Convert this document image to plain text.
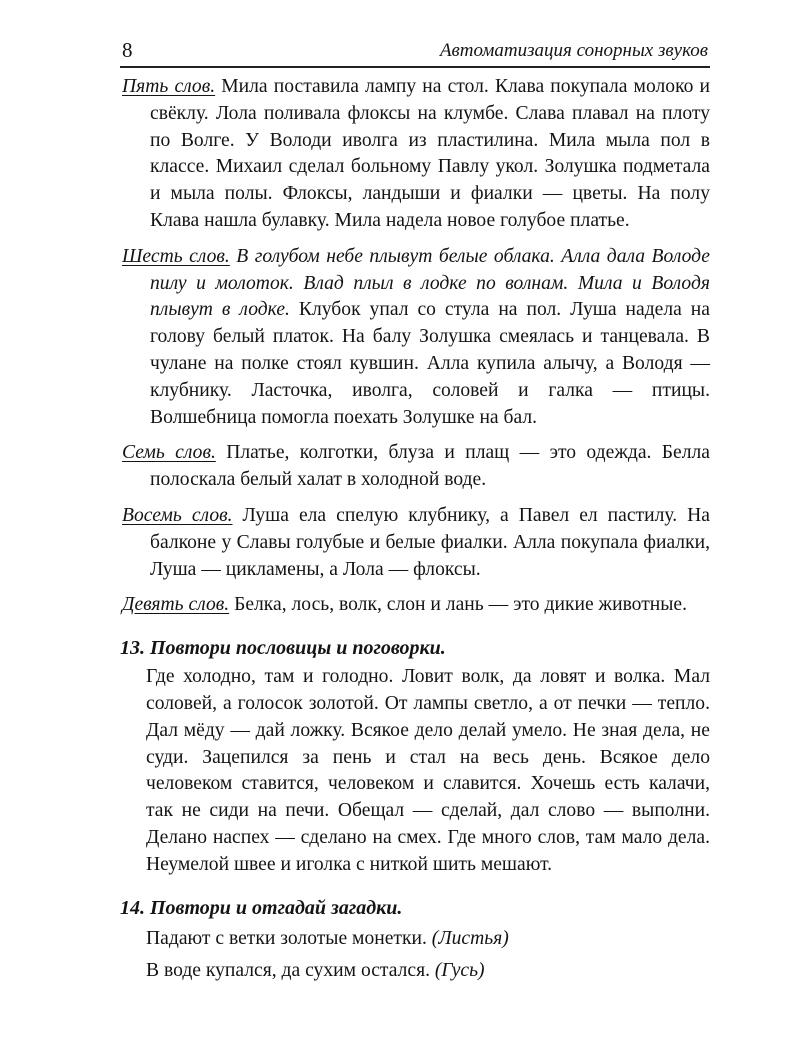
8	Автоматизация сонорных звуков

Пять слов. Мила поставила лампу на стол. Клава покупала молоко и свёклу. Лола поливала флоксы на клумбе. Слава плавал на плоту по Волге. У Володи иволга из пластилина. Мила мыла пол в классе. Михаил сделал больному Павлу укол. Золушка подметала и мыла полы. Флоксы, ландыши и фиалки — цветы. На полу Клава нашла булавку. Мила надела новое голубое платье.

Шесть слов. В голубом небе плывут белые облака. Алла дала Володе пилу и молоток. Влад плыл в лодке по волнам. Мила и Володя плывут в лодке. Клубок упал со стула на пол. Луша надела на голову белый платок. На балу Золушка смеялась и танцевала. В чулане на полке стоял кувшин. Алла купила алычу, а Володя — клубнику. Ласточка, иволга, соловей и галка — птицы. Волшебница помогла поехать Золушке на бал.

Семь слов. Платье, колготки, блуза и плащ — это одежда. Белла полоскала белый халат в холодной воде.

Восемь слов. Луша ела спелую клубнику, а Павел ел пастилу. На балконе у Славы голубые и белые фиалки. Алла покупала фиалки, Луша — цикламены, а Лола — флоксы.

Девять слов. Белка, лось, волк, слон и лань — это дикие животные.

13. Повтори пословицы и поговорки.

Где холодно, там и голодно. Ловит волк, да ловят и волка. Мал соловей, а голосок золотой. От лампы светло, а от печки — тепло. Дал мёду — дай ложку. Всякое дело делай умело. Не зная дела, не суди. Зацепился за пень и стал на весь день. Всякое дело человеком ставится, человеком и славится. Хочешь есть калачи, так не сиди на печи. Обещал — сделай, дал слово — выполни. Делано наспех — сделано на смех. Где много слов, там мало дела. Неумелой швее и иголка с ниткой шить мешают.

14. Повтори и отгадай загадки.
Падают с ветки золотые монетки. (Листья)
В воде купался, да сухим остался. (Гусь)
